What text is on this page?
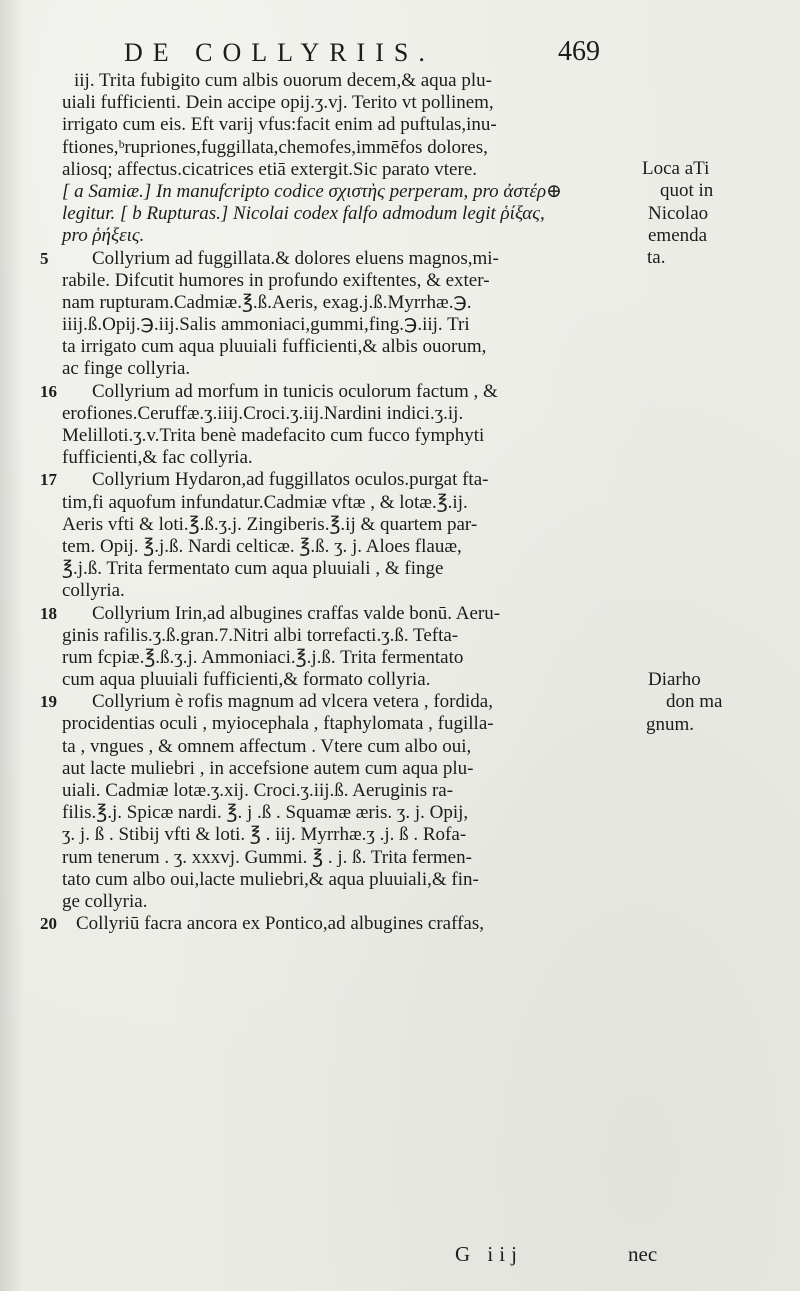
DE COLLYRIIS.	469
iij. Trita fubigito cum albis ouorum decem,& aqua plu-
uiali fufficienti. Dein accipe opij.ʒ.vj. Terito vt pollinem,
irrigato cum eis. Eft varij vfus:facit enim ad puftulas,inu-
ftiones,ᵇrupriones,fuggillata,chemofes,immēfos dolores,
aliosq; affectus.cicatrices etiā extergit.Sic parato vtere.
[ a Samiæ.] In manufcripto codice σχιστὴς perperam, pro ἀστέρ⊕
legitur. [ b Rupturas.] Nicolai codex falfo admodum legit ῥίξας,
pro ῥήξεις.
5 Collyrium ad fuggillata.& dolores eluens magnos,mi-
rabile. Difcutit humores in profundo exiftentes, & exter-
nam rupturam.Cadmiæ.℥.ß.Aeris, exag.j.ß.Myrrhæ.℈.
iiij.ß.Opij.℈.iij.Salis ammoniaci,gummi,fing.℈.iij. Tri
ta irrigato cum aqua pluuiali fufficienti,& albis ouorum,
ac finge collyria.
16 Collyrium ad morfum in tunicis oculorum factum , &
erofiones.Ceruffæ.ʒ.iiij.Croci.ʒ.iij.Nardini indici.ʒ.ij.
Melilloti.ʒ.v.Trita benè madefacito cum fucco fymphyti
fufficienti,& fac collyria.
17 Collyrium Hydaron,ad fuggillatos oculos.purgat fta-
tim,fi aquofum infundatur.Cadmiæ vftæ , & lotæ.℥.ij.
Aeris vfti & loti.℥.ß.ʒ.j. Zingiberis.℥.ij & quartem par-
tem. Opij. ℥.j.ß. Nardi celticæ. ℥.ß. ʒ. j. Aloes flauæ,
℥.j.ß. Trita fermentato cum aqua pluuiali , & finge
collyria.
18 Collyrium Irin,ad albugines craffas valde bonū. Aeru-
ginis rafilis.ʒ.ß.gran.7.Nitri albi torrefacti.ʒ.ß. Tefta-
rum fcpiæ.℥.ß.ʒ.j. Ammoniaci.℥.j.ß. Trita fermentato
cum aqua pluuiali fufficienti,& formato collyria.
19 Collyrium è rofis magnum ad vlcera vetera , fordida,
procidentias oculi , myiocephala , ftaphylomata , fugilla-
ta , vngues , & omnem affectum . Vtere cum albo oui,
aut lacte muliebri , in accefsione autem cum aqua plu-
uiali. Cadmiæ lotæ.ʒ.xij. Croci.ʒ.iij.ß. Aeruginis ra-
filis.℥.j. Spicæ nardi. ℥. j .ß . Squamæ æris. ʒ. j. Opij,
ʒ. j. ß . Stibij vfti & loti. ℥ . iij. Myrrhæ.ʒ .j. ß . Rofa-
rum tenerum . ʒ. xxxvj. Gummi. ℥ . j. ß. Trita fermen-
tato cum albo oui,lacte muliebri,& aqua pluuiali,& fin-
ge collyria.
20 Collyriū facra ancora ex Pontico,ad albugines craffas,
Loca aTi
quot in
Nicolao
emenda
ta.
Diarho
don ma
gnum.
G iij	nec
